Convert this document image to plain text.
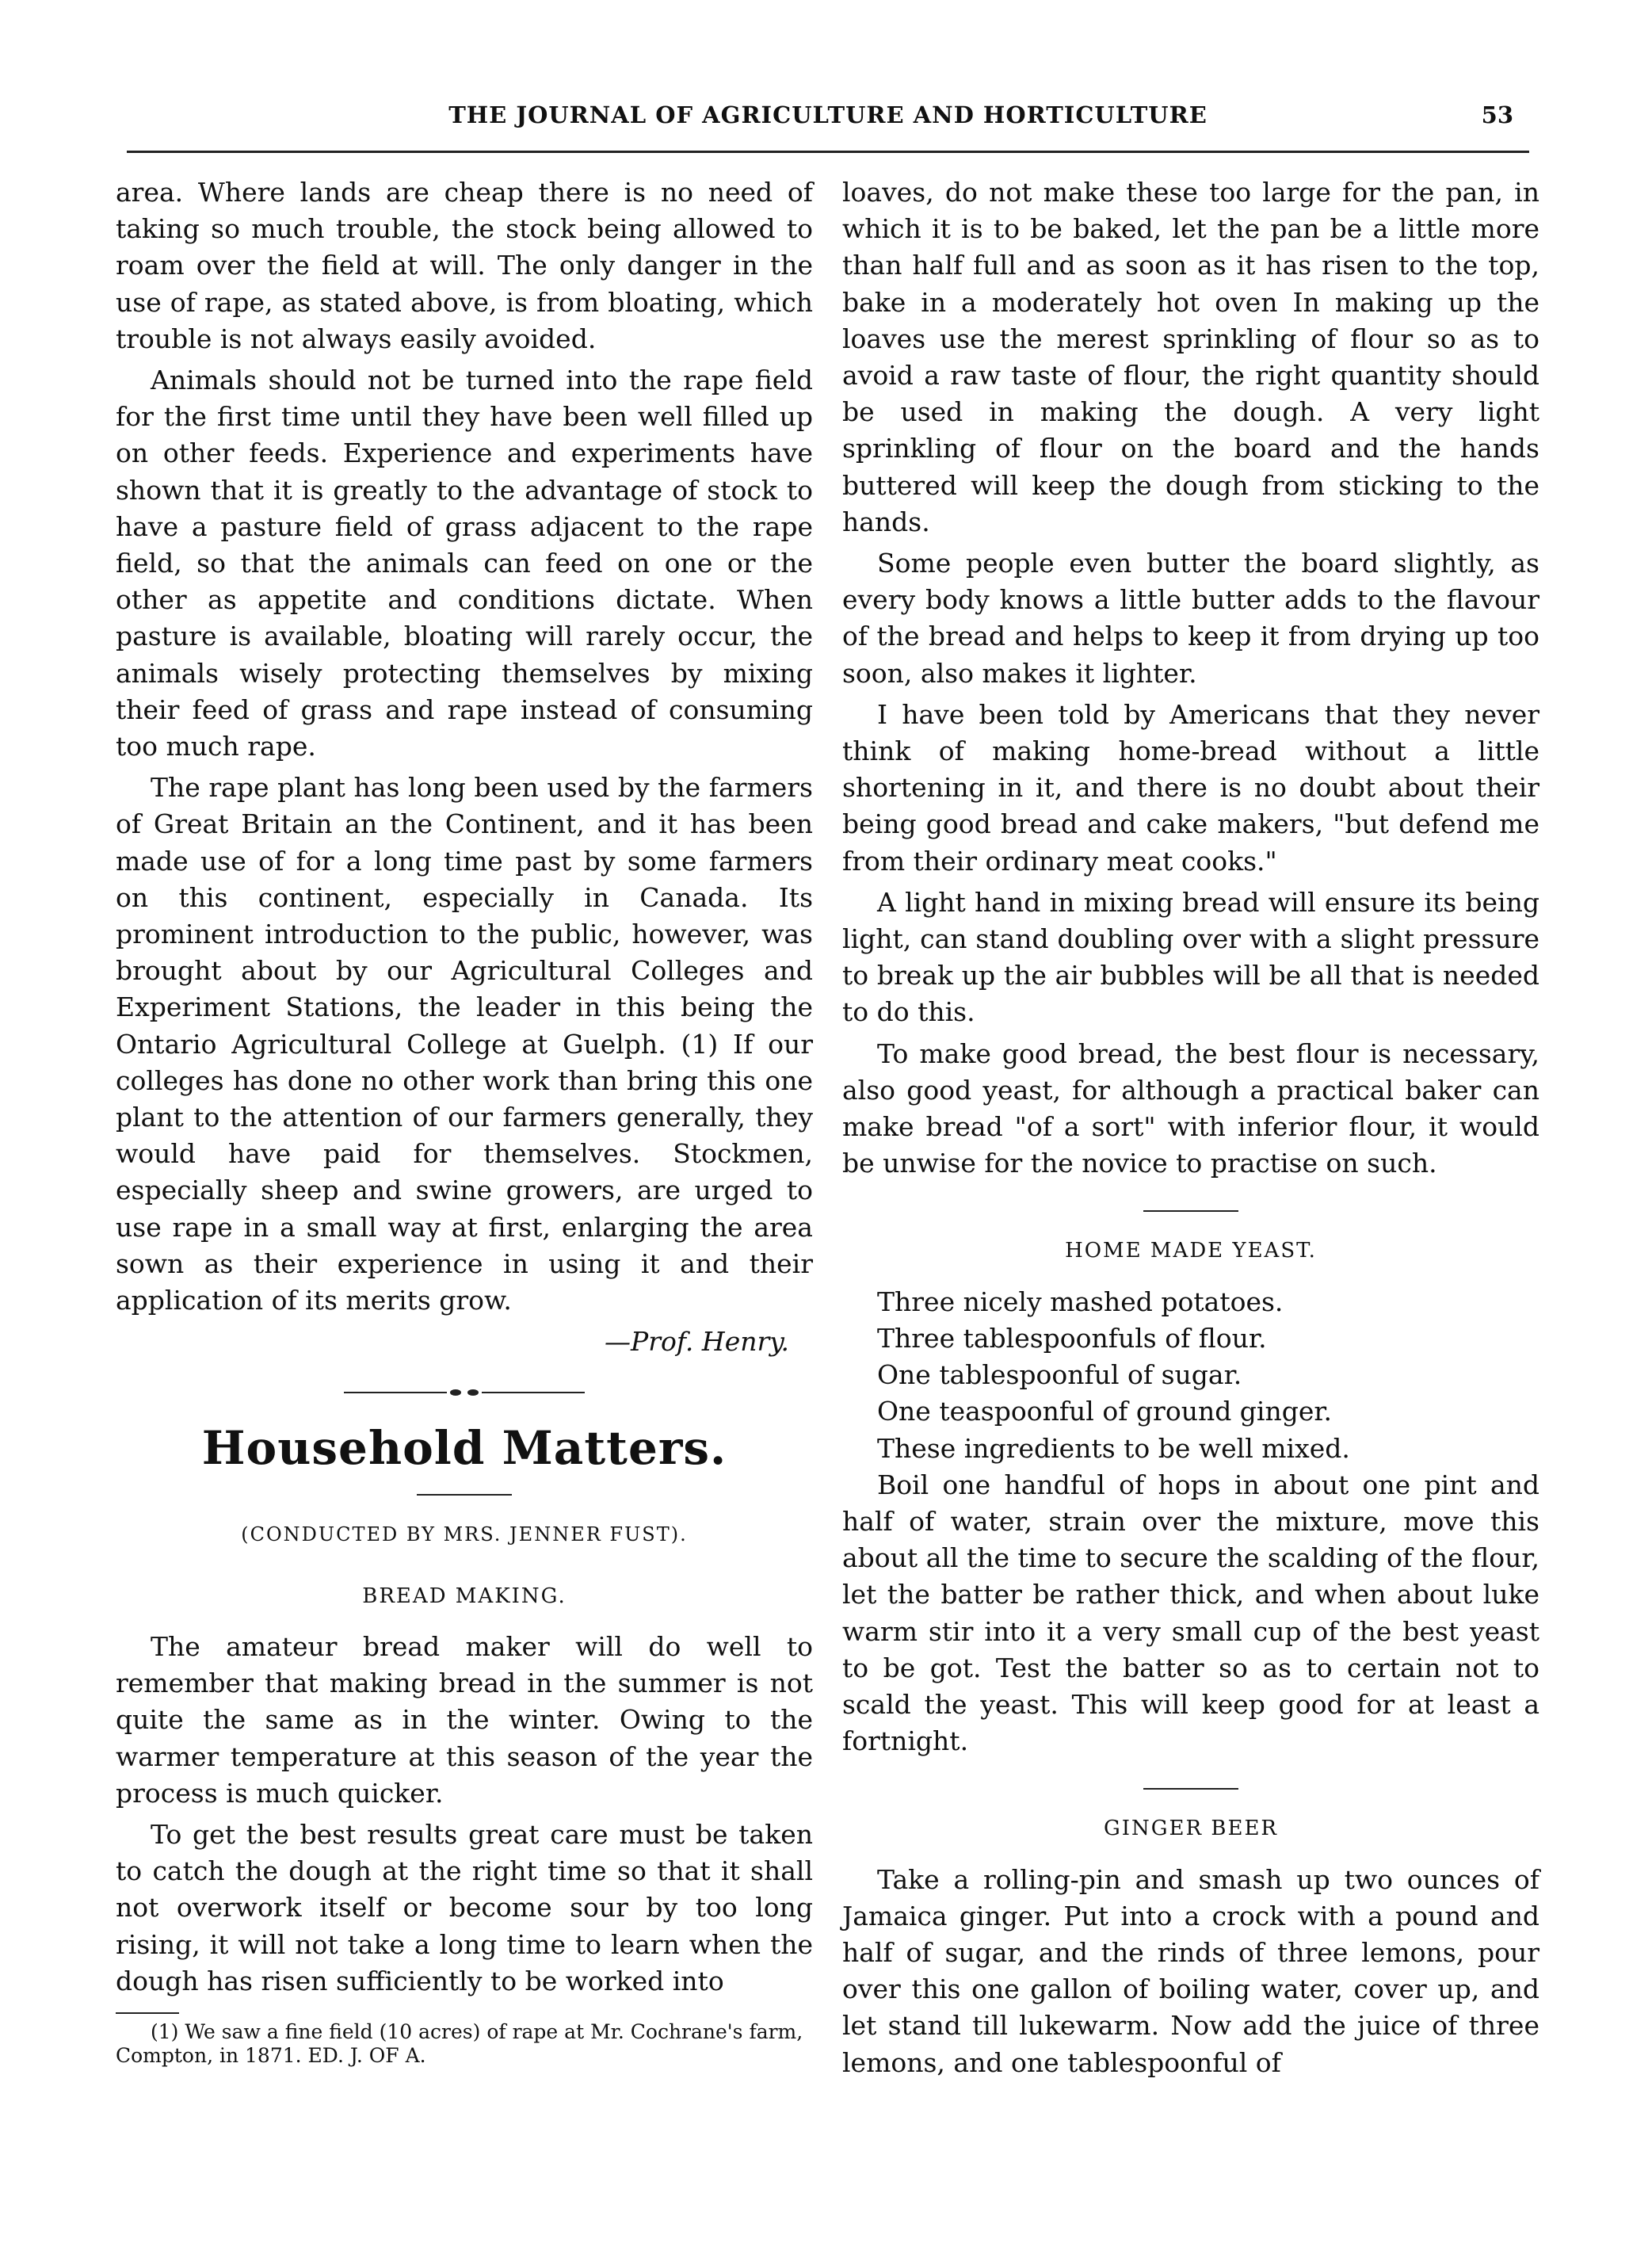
THE JOURNAL OF AGRICULTURE AND HORTICULTURE	53

area. Where lands are cheap there is no need of taking so much trouble, the stock being allowed to roam over the field at will. The only danger in the use of rape, as stated above, is from bloating, which trouble is not always easily avoided.

Animals should not be turned into the rape field for the first time until they have been well filled up on other feeds. Experience and experiments have shown that it is greatly to the advantage of stock to have a pasture field of grass adjacent to the rape field, so that the animals can feed on one or the other as appetite and conditions dictate. When pasture is available, bloating will rarely occur, the animals wisely protecting themselves by mixing their feed of grass and rape instead of consuming too much rape.

The rape plant has long been used by the farmers of Great Britain an the Continent, and it has been made use of for a long time past by some farmers on this continent, especially in Canada. Its prominent introduction to the public, however, was brought about by our Agricultural Colleges and Experiment Stations, the leader in this being the Ontario Agricultural College at Guelph. (1) If our colleges has done no other work than bring this one plant to the attention of our farmers generally, they would have paid for themselves. Stockmen, especially sheep and swine growers, are urged to use rape in a small way at first, enlarging the area sown as their experience in using it and their application of its merits grow.

—Prof. Henry.
Household Matters.
(CONDUCTED BY MRS. JENNER FUST).
BREAD MAKING.

The amateur bread maker will do well to remember that making bread in the summer is not quite the same as in the winter. Owing to the warmer temperature at this season of the year the process is much quicker.

To get the best results great care must be taken to catch the dough at the right time so that it shall not overwork itself or become sour by too long rising, it will not take a long time to learn when the dough has risen sufficiently to be worked into

(1) We saw a fine field (10 acres) of rape at Mr. Cochrane's farm, Compton, in 1871. ED. J. OF A.

loaves, do not make these too large for the pan, in which it is to be baked, let the pan be a little more than half full and as soon as it has risen to the top, bake in a moderately hot oven In making up the loaves use the merest sprinkling of flour so as to avoid a raw taste of flour, the right quantity should be used in making the dough. A very light sprinkling of flour on the board and the hands buttered will keep the dough from sticking to the hands.

Some people even butter the board slightly, as every body knows a little butter adds to the flavour of the bread and helps to keep it from drying up too soon, also makes it lighter.

I have been told by Americans that they never think of making home-bread without a little shortening in it, and there is no doubt about their being good bread and cake makers, "but defend me from their ordinary meat cooks."

A light hand in mixing bread will ensure its being light, can stand doubling over with a slight pressure to break up the air bubbles will be all that is needed to do this.

To make good bread, the best flour is necessary, also good yeast, for although a practical baker can make bread "of a sort" with inferior flour, it would be unwise for the novice to practise on such.

HOME MADE YEAST.

Three nicely mashed potatoes.

Three tablespoonfuls of flour.

One tablespoonful of sugar.

One teaspoonful of ground ginger.

These ingredients to be well mixed.

Boil one handful of hops in about one pint and half of water, strain over the mixture, move this about all the time to secure the scalding of the flour, let the batter be rather thick, and when about luke warm stir into it a very small cup of the best yeast to be got. Test the batter so as to certain not to scald the yeast. This will keep good for at least a fortnight.

GINGER BEER

Take a rolling-pin and smash up two ounces of Jamaica ginger. Put into a crock with a pound and half of sugar, and the rinds of three lemons, pour over this one gallon of boiling water, cover up, and let stand till lukewarm. Now add the juice of three lemons, and one tablespoonful of
